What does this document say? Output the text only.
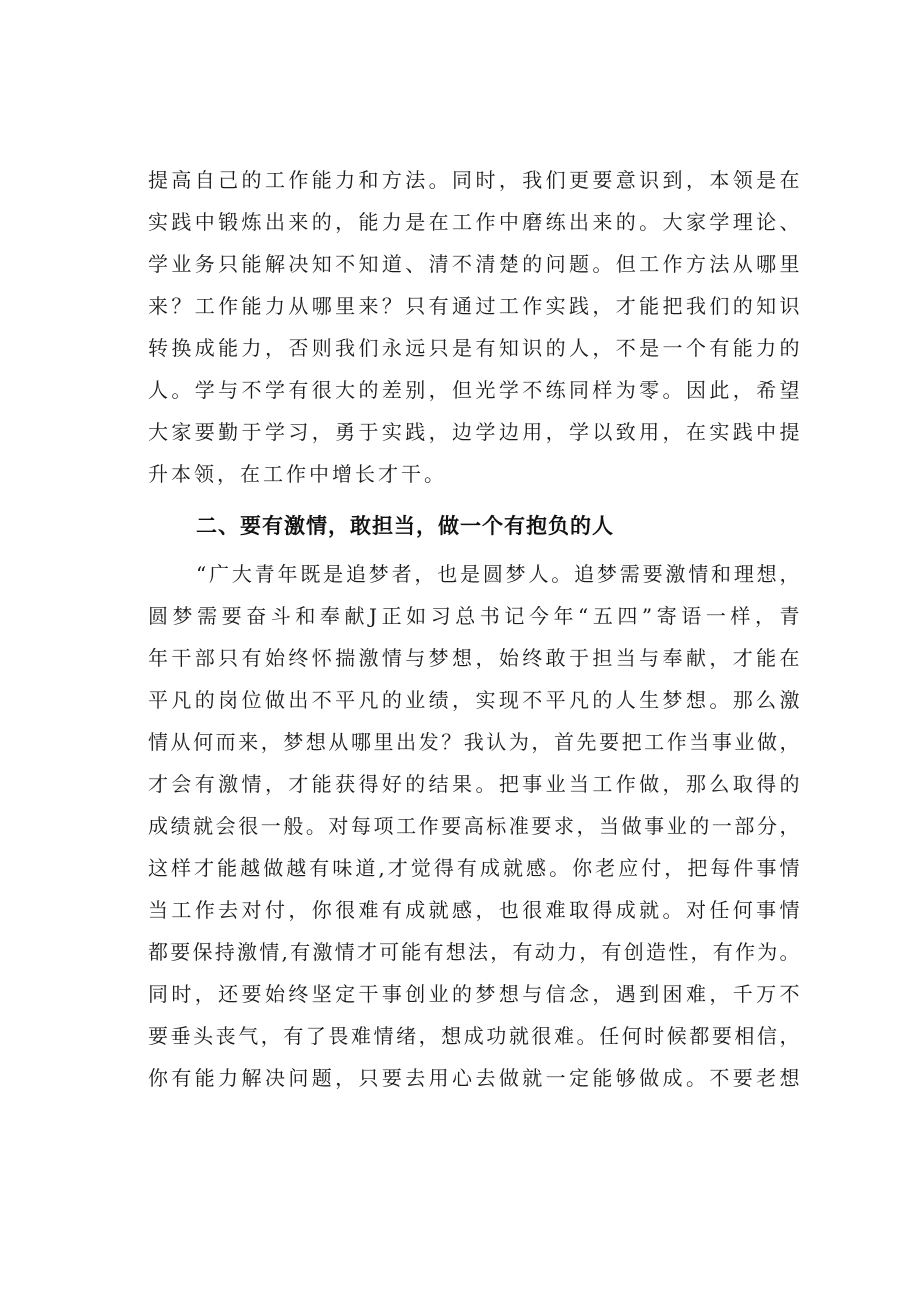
提高自己的工作能力和方法。同时，我们更要意识到，本领是在
实践中锻炼出来的，能力是在工作中磨练出来的。大家学理论、
学业务只能解决知不知道、清不清楚的问题。但工作方法从哪里
来？工作能力从哪里来？只有通过工作实践，才能把我们的知识
转换成能力，否则我们永远只是有知识的人，不是一个有能力的
人。学与不学有很大的差别，但光学不练同样为零。因此，希望
大家要勤于学习，勇于实践，边学边用，学以致用，在实践中提
升本领，在工作中增长才干。
二、要有激情，敢担当，做一个有抱负的人
“广大青年既是追梦者，也是圆梦人。追梦需要激情和理想，
圆梦需要奋斗和奉献J正如习总书记今年“五四”寄语一样，青
年干部只有始终怀揣激情与梦想，始终敢于担当与奉献，才能在
平凡的岗位做出不平凡的业绩，实现不平凡的人生梦想。那么激
情从何而来，梦想从哪里出发？我认为，首先要把工作当事业做，
才会有激情，才能获得好的结果。把事业当工作做，那么取得的
成绩就会很一般。对每项工作要高标准要求，当做事业的一部分，
这样才能越做越有味道,才觉得有成就感。你老应付，把每件事情
当工作去对付，你很难有成就感，也很难取得成就。对任何事情
都要保持激情,有激情才可能有想法，有动力，有创造性，有作为。
同时，还要始终坚定干事创业的梦想与信念，遇到困难，千万不
要垂头丧气，有了畏难情绪，想成功就很难。任何时候都要相信，
你有能力解决问题，只要去用心去做就一定能够做成。不要老想
